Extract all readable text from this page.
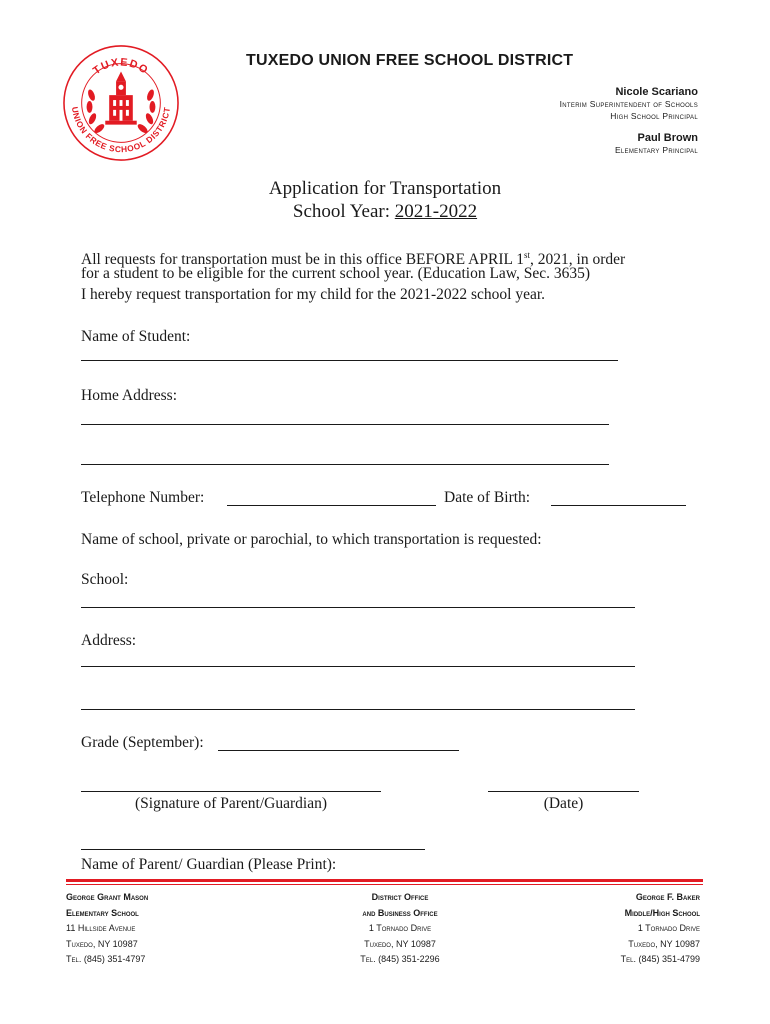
TUXEDO
UNION FREE SCHOOL DISTRICT
TUXEDO UNION FREE SCHOOL DISTRICT
Nicole Scariano
Interim Superintendent of Schools
High School Principal
Paul Brown
Elementary Principal
Application for Transportation
School Year: 2021-2022
All requests for transportation must be in this office BEFORE APRIL 1st, 2021, in order
for a student to be eligible for the current school year. (Education Law, Sec. 3635)
I hereby request transportation for my child for the 2021-2022 school year.
Name of Student:
Home Address:
Telephone Number:	Date of Birth:
Name of school, private or parochial, to which transportation is requested:
School:
Address:
Grade (September):
(Signature of Parent/Guardian)	(Date)
Name of Parent/ Guardian (Please Print):
George Grant Mason
Elementary School
11 Hillside Avenue
Tuxedo, NY 10987
Tel. (845) 351-4797
District Office
and Business Office
1 Tornado Drive
Tuxedo, NY 10987
Tel. (845) 351-2296
George F. Baker
Middle/High School
1 Tornado Drive
Tuxedo, NY 10987
Tel. (845) 351-4799
